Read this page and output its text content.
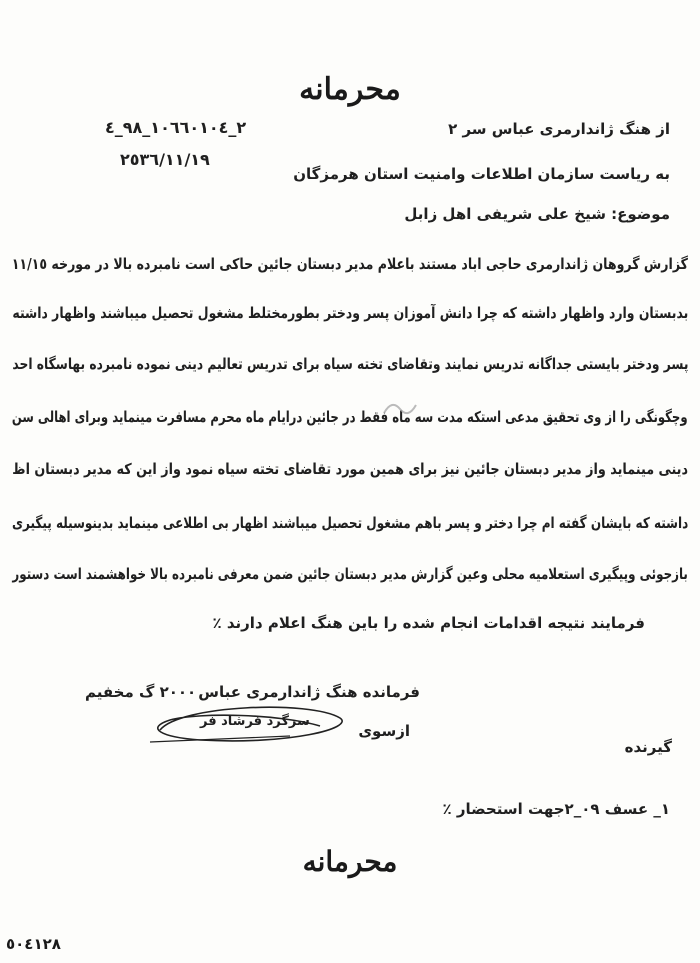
محرمانه
٢_١٠٦٦٠١٠٤_٩٨_٤
٢٥٣٦/١١/١٩
از هنگ ژاندارمری عباس سر ٢
به ریاست سازمان اطلاعات وامنیت استان هرمزگان
موضوع: شیخ علی شریفی اهل زابل
گزارش گروهان ژاندارمری حاجی اباد مستند باعلام مدیر دبستان جائین حاکی است نامبرده بالا در مورخه ١١/١٥
بدبستان وارد واظهار داشته که چرا دانش آموزان پسر ودختر بطورمختلط مشغول تحصیل میباشند واظهار داشته
پسر ودختر بایستی جداگانه تدریس نمایند وتقاضای تخته سیاه برای تدریس تعالیم دینی نموده نامبرده بهاسگاه احد
وچگونگی را از وی تحقیق مدعی استکه مدت سه ماه فقط در جائین درایام ماه محرم مسافرت مینماید وبرای اهالی سن
دینی مینماید واز مدیر دبستان جائین نیز برای همین مورد تقاضای تخته سیاه نمود واز این که مدیر دبستان اظ
داشته که بایشان گفته ام چرا دختر و پسر باهم مشغول تحصیل میباشند اظهار بی اطلاعی مینماید بدینوسیله پیگیری
بازجوئی وپیگیری استعلامیه محلی وعین گزارش مدیر دبستان جائین ضمن معرفی نامبرده بالا خواهشمند است دستور
فرمایند نتیجه اقدامات انجام شده را باین هنگ اعلام دارند ٪
فرمانده هنگ ژاندارمری عباس
٢٠٠٠ گ مخفیم
ازسوی
سرگرد فرشاد فر
گیرنده
١_ عسف ٠٩_٢جهت استحضار ٪
محرمانه
٥٠٤١٢٨
